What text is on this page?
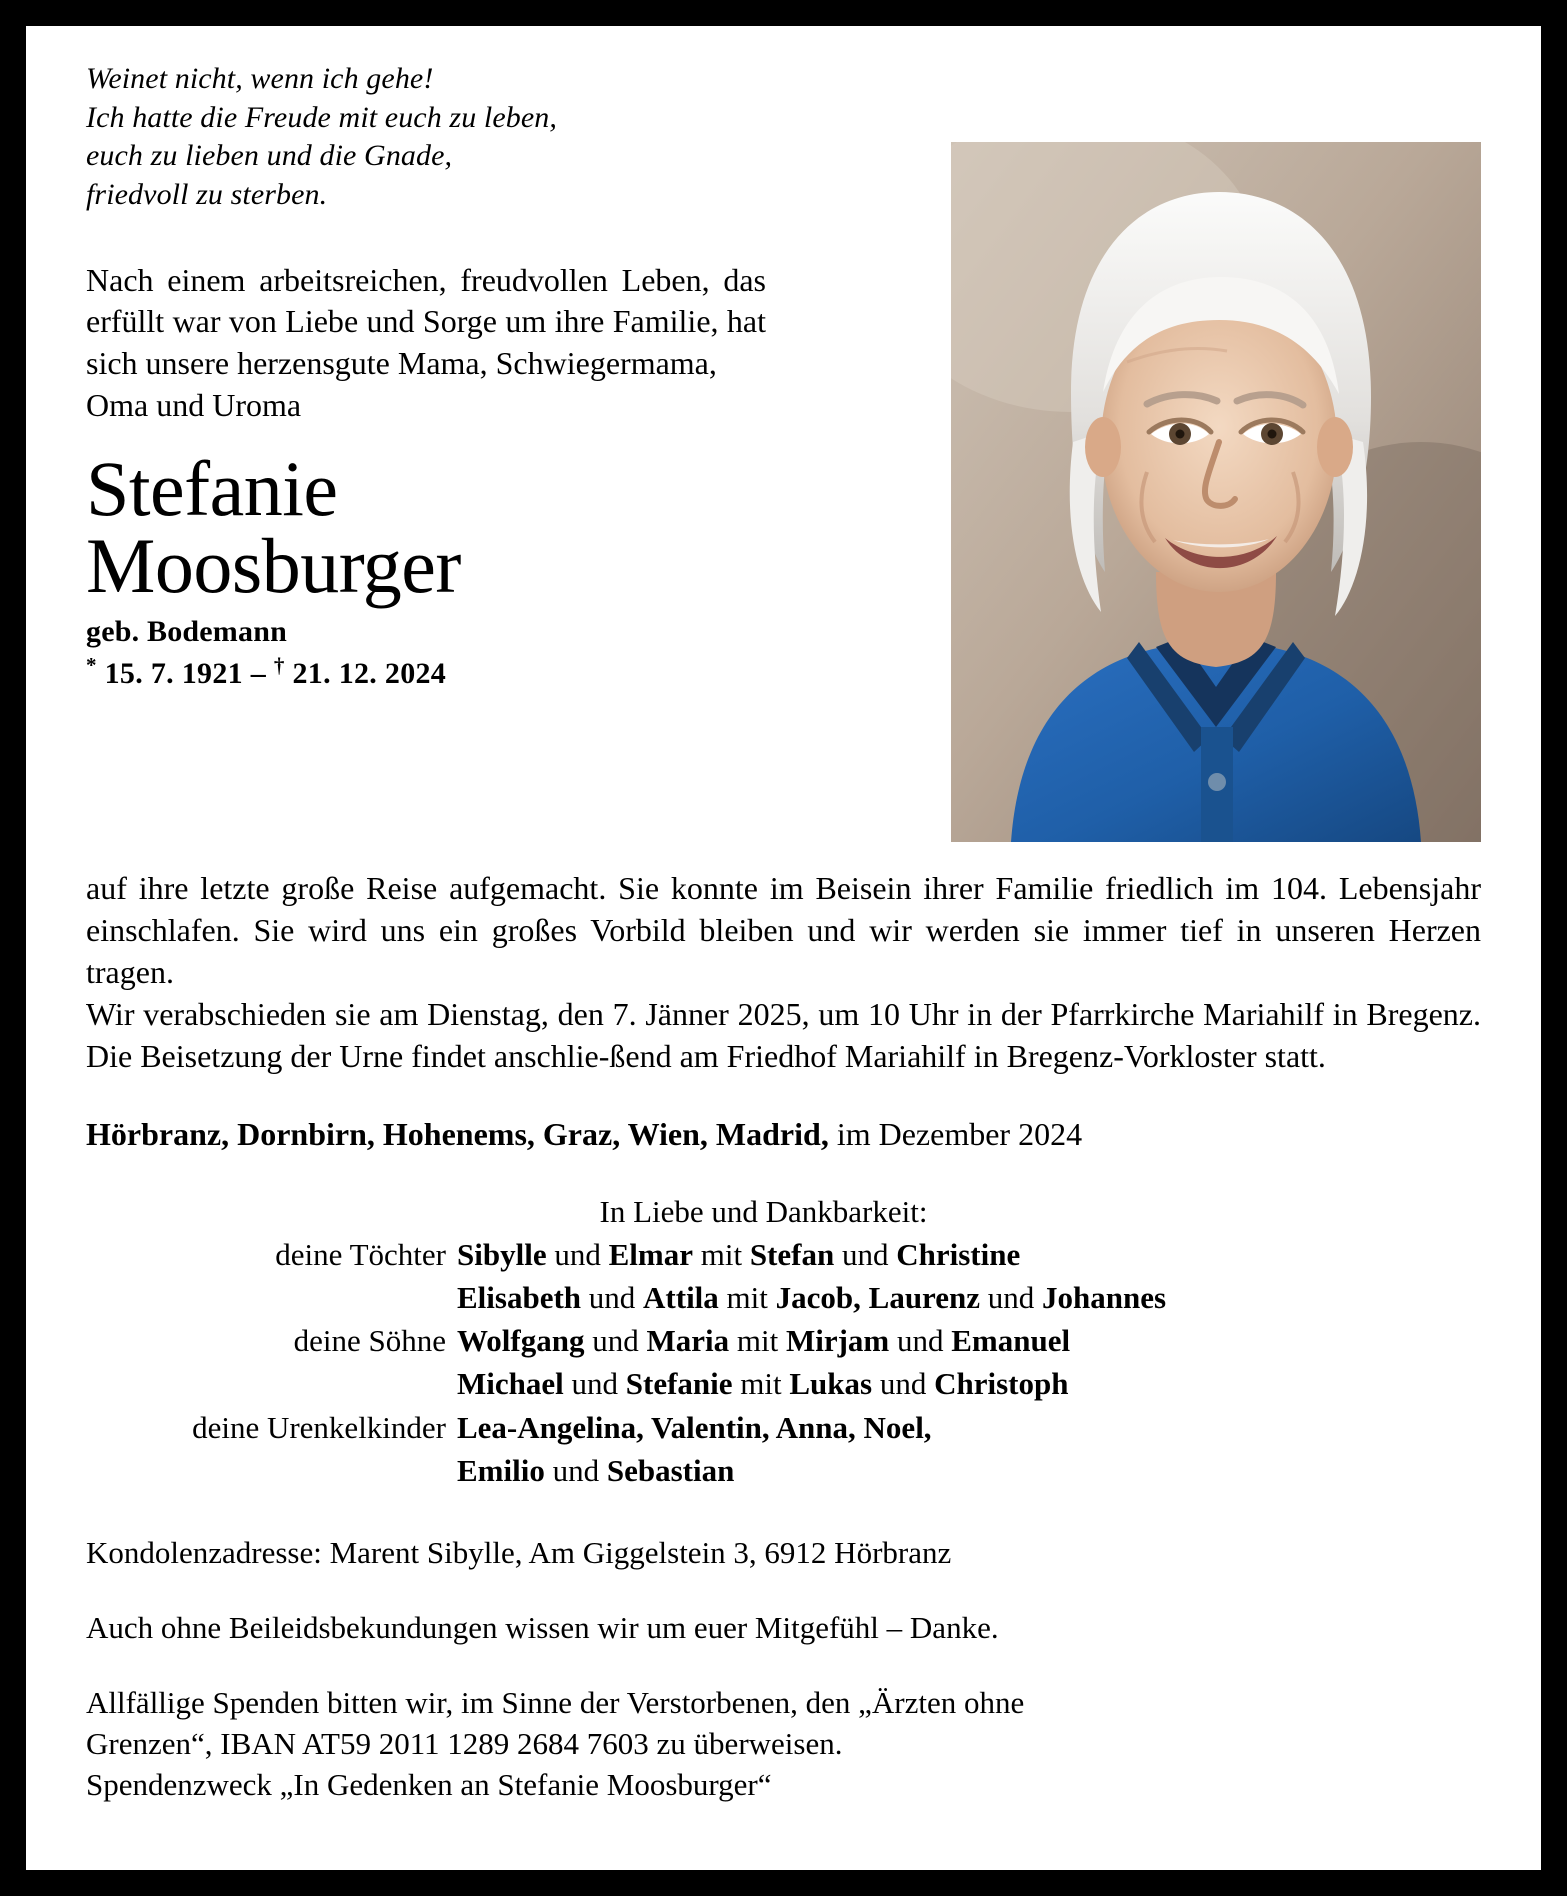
Weinet nicht, wenn ich gehe!
Ich hatte die Freude mit euch zu leben,
euch zu lieben und die Gnade,
friedvoll zu sterben.
Nach einem arbeitsreichen, freudvollen Leben, das erfüllt war von Liebe und Sorge um ihre Familie, hat sich unsere herzensgute Mama, Schwiegermama,
Oma und Uroma
Stefanie
Moosburger
geb. Bodemann
* 15. 7. 1921 – † 21. 12. 2024

auf ihre letzte große Reise aufgemacht. Sie konnte im Beisein ihrer Familie friedlich im 104. Lebensjahr einschlafen. Sie wird uns ein großes Vorbild bleiben und wir werden sie immer tief in unseren Herzen tragen.

Wir verabschieden sie am Dienstag, den 7. Jänner 2025, um 10 Uhr in der Pfarrkirche Mariahilf in Bregenz. Die Beisetzung der Urne findet anschlie-ßend am Friedhof Mariahilf in Bregenz-Vorkloster statt.

Hörbranz, Dornbirn, Hohenems, Graz, Wien, Madrid, im Dezember 2024
In Liebe und Dankbarkeit:
deine Töchter Sibylle und Elmar mit Stefan und Christine
Elisabeth und Attila mit Jacob, Laurenz und Johannes
deine Söhne Wolfgang und Maria mit Mirjam und Emanuel
Michael und Stefanie mit Lukas und Christoph
deine Urenkelkinder Lea-Angelina, Valentin, Anna, Noel,
Emilio und Sebastian

Kondolenzadresse: Marent Sibylle, Am Giggelstein 3, 6912 Hörbranz

Auch ohne Beileidsbekundungen wissen wir um euer Mitgefühl – Danke.

Allfällige Spenden bitten wir, im Sinne der Verstorbenen, den „Ärzten ohne

Grenzen“, IBAN AT59 2011 1289 2684 7603 zu überweisen.

Spendenzweck „In Gedenken an Stefanie Moosburger“
